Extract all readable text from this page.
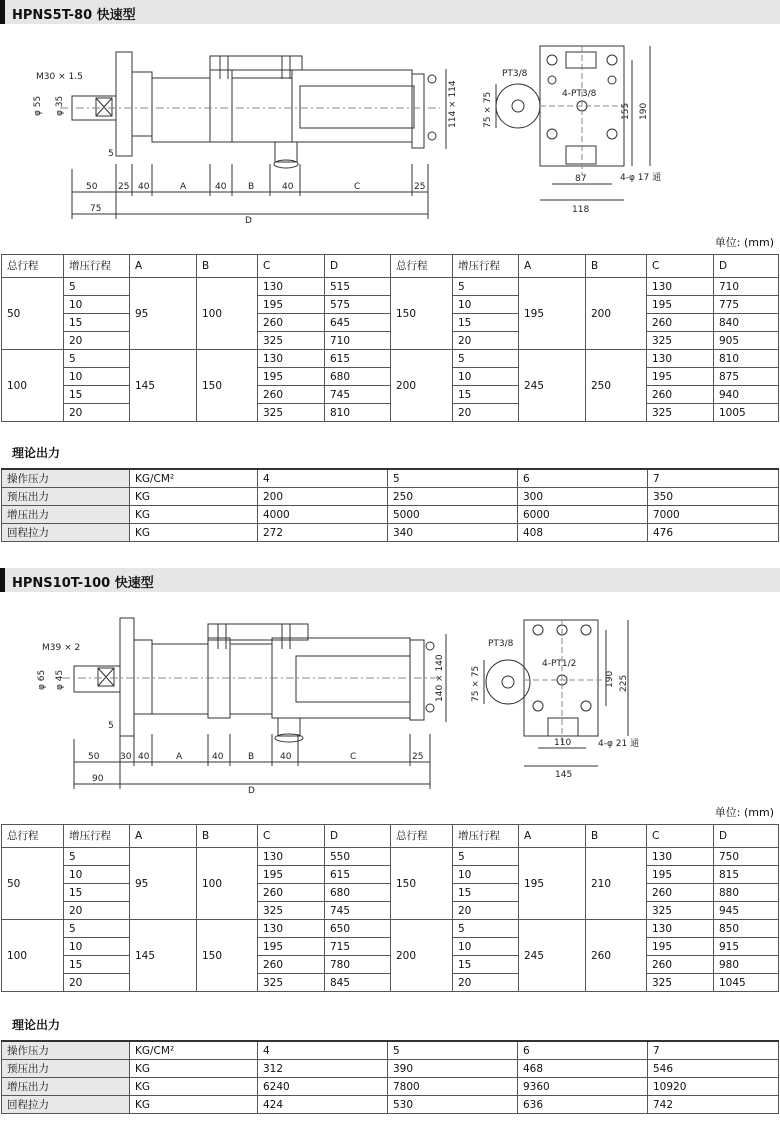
HPNS5T-80 快速型
M30 × 1.5
φ 55 φ 35
5
50 25 40	A	40 B	40	C	25
75
D
114 × 114
PT3/8
75 × 75	4-PT3/8
155 190
87
118
4-φ 17 通
单位: (mm)
总行程	增压行程	A	B	C	D	总行程	增压行程	A	B	C	D
50	5	95	100	130	515	150	5	195	200	130	710
	10			195	575		10			195	775
	15			260	645		15			260	840
	20			325	710		20			325	905
100	5	145	150	130	615	200	5	245	250	130	810
	10			195	680		10			195	875
	15			260	745		15			260	940
	20			325	810		20			325	1005
理论出力
操作压力	KG/CM²	4	5	6	7
预压出力	KG	200	250	300	350
增压出力	KG	4000	5000	6000	7000
回程拉力	KG	272	340	408	476
HPNS10T-100 快速型
M39 × 2
φ 65 φ 45
5
50 30 40	A	40	B	40	C	25
90
D
140 × 140
PT3/8
75 × 75
4-PT1/2
190 225
110
145
4-φ 21 通
单位: (mm)
总行程	增压行程	A	B	C	D	总行程	增压行程	A	B	C	D
50	5	95	100	130	550	150	5	195	210	130	750
	10			195	615		10			195	815
	15			260	680		15			260	880
	20			325	745		20			325	945
100	5	145	150	130	650	200	5	245	260	130	850
	10			195	715		10			195	915
	15			260	780		15			260	980
	20			325	845		20			325	1045
理论出力
操作压力	KG/CM²	4	5	6	7
预压出力	KG	312	390	468	546
增压出力	KG	6240	7800	9360	10920
回程拉力	KG	424	530	636	742
